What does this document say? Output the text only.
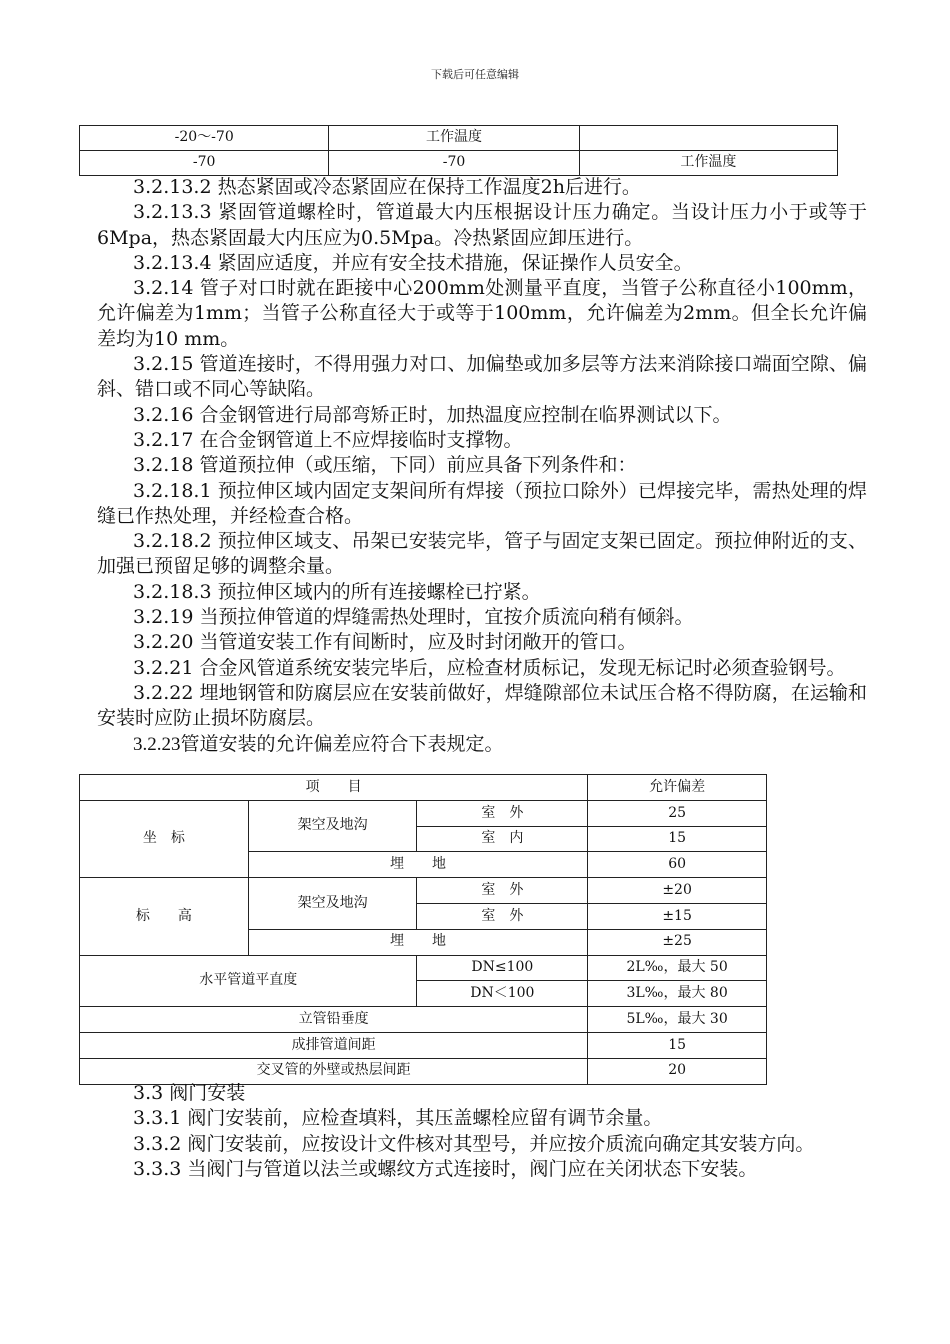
下载后可任意编辑
-20～-70	工作温度	
-70	-70	工作温度

3.2.13.2 热态紧固或冷态紧固应在保持工作温度2h后进行。

3.2.13.3 紧固管道螺栓时，管道最大内压根据设计压力确定。当设计压力小于或等于6Mpa，热态紧固最大内压应为0.5Mpa。冷热紧固应卸压进行。

3.2.13.4 紧固应适度，并应有安全技术措施，保证操作人员安全。

3.2.14 管子对口时就在距接中心200mm处测量平直度，当管子公称直径小100mm，允许偏差为1mm；当管子公称直径大于或等于100mm，允许偏差为2mm。但全长允许偏差均为10 mm。

3.2.15 管道连接时，不得用强力对口、加偏垫或加多层等方法来消除接口端面空隙、偏斜、错口或不同心等缺陷。

3.2.16 合金钢管进行局部弯矫正时，加热温度应控制在临界测试以下。

3.2.17 在合金钢管道上不应焊接临时支撑物。

3.2.18 管道预拉伸（或压缩，下同）前应具备下列条件和：

3.2.18.1 预拉伸区域内固定支架间所有焊接（预拉口除外）已焊接完毕，需热处理的焊缝已作热处理，并经检查合格。

3.2.18.2 预拉伸区域支、吊架已安装完毕，管子与固定支架已固定。预拉伸附近的支、加强已预留足够的调整余量。

3.2.18.3 预拉伸区域内的所有连接螺栓已拧紧。

3.2.19 当预拉伸管道的焊缝需热处理时，宜按介质流向稍有倾斜。

3.2.20 当管道安装工作有间断时，应及时封闭敞开的管口。

3.2.21 合金风管道系统安装完毕后，应检查材质标记，发现无标记时必须查验钢号。

3.2.22 埋地钢管和防腐层应在安装前做好，焊缝隙部位未试压合格不得防腐，在运输和安装时应防止损坏防腐层。

3.2.23管道安装的允许偏差应符合下表规定。

项　　目			允许偏差
坐　标	架空及地沟	室　外	25
		室　内	15
	埋　　地		60
标　　高	架空及地沟	室　外	±20
		室　外	±15
	埋　　地		±25
水平管道平直度		DN≤100	2L‰，最大 50
		DN＜100	3L‰，最大 80
立管铅垂度			5L‰，最大 30
成排管道间距			15
交叉管的外壁或热层间距			20

3.3 阀门安装

3.3.1 阀门安装前，应检查填料，其压盖螺栓应留有调节余量。

3.3.2 阀门安装前，应按设计文件核对其型号，并应按介质流向确定其安装方向。

3.3.3 当阀门与管道以法兰或螺纹方式连接时，阀门应在关闭状态下安装。
